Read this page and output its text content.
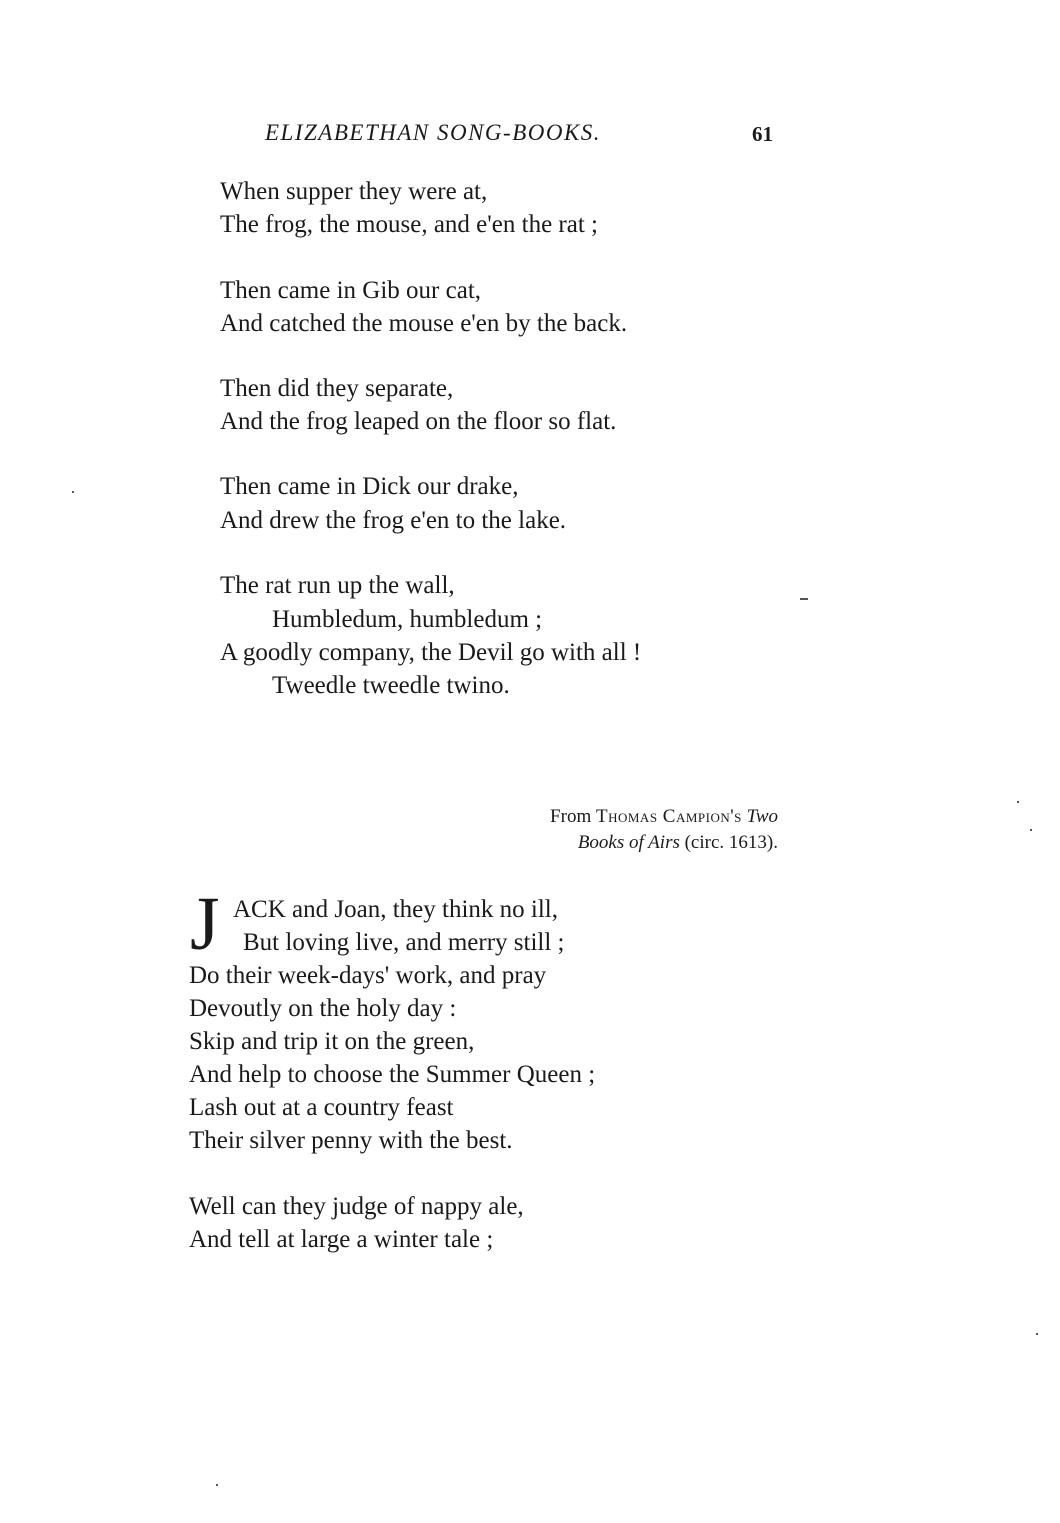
ELIZABETHAN SONG-BOOKS.	61
When supper they were at,
The frog, the mouse, and e'en the rat ;
Then came in Gib our cat,
And catched the mouse e'en by the back.
Then did they separate,
And the frog leaped on the floor so flat.
Then came in Dick our drake,
And drew the frog e'en to the lake.
The rat run up the wall,
Humbledum, humbledum ;
A goodly company, the Devil go with all !
Tweedle tweedle twino.
From Thomas Campion's Two
Books of Airs (circ. 1613).
J ACK and Joan, they think no ill,
But loving live, and merry still ;
Do their week-days' work, and pray
Devoutly on the holy day :
Skip and trip it on the green,
And help to choose the Summer Queen ;
Lash out at a country feast
Their silver penny with the best.
Well can they judge of nappy ale,
And tell at large a winter tale ;
